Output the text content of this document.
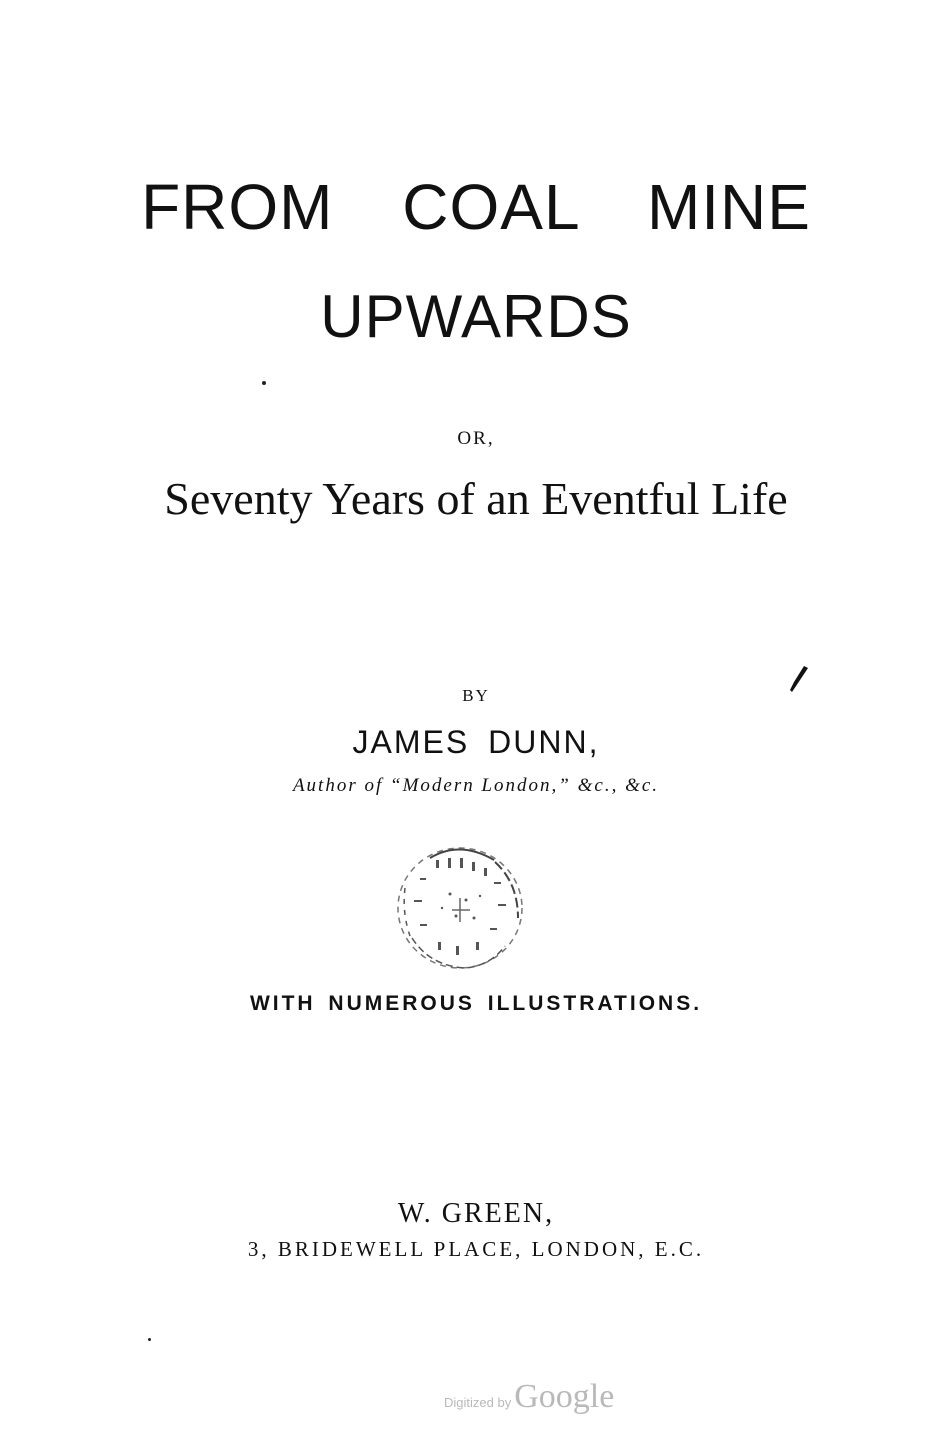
FROM COAL MINE
UPWARDS
OR,
Seventy Years of an Eventful Life
BY
JAMES DUNN,
Author of “Modern London,” &c., &c.
WITH NUMEROUS ILLUSTRATIONS.
W. GREEN,
3, BRIDEWELL PLACE, LONDON, E.C.
Digitized byGoogle
